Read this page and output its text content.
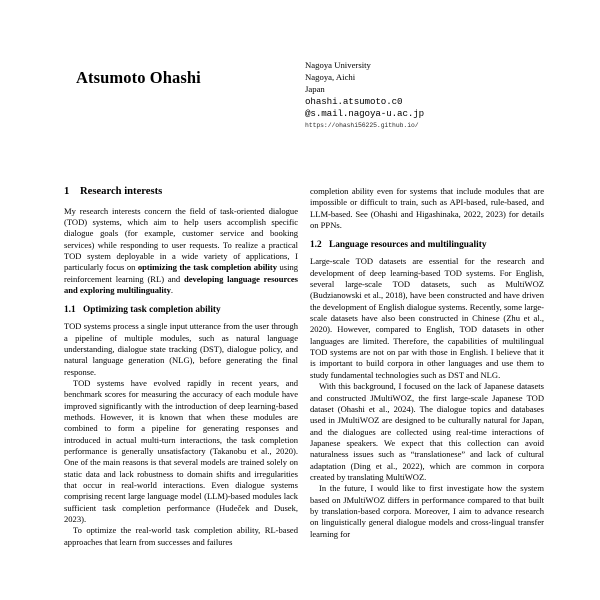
Atsumoto Ohashi
Nagoya University
Nagoya, Aichi
Japan
ohashi.atsumoto.c0
@s.mail.nagoya-u.ac.jp
https://ohashi56225.github.io/
1 Research interests

My research interests concern the field of task-oriented dialogue (TOD) systems, which aim to help users accomplish specific dialogue goals (for example, customer service and booking services) while responding to user requests. To realize a practical TOD system deployable in a wide variety of applications, I particularly focus on optimizing the task completion ability using reinforcement learning (RL) and developing language resources and exploring multilinguality.

1.1 Optimizing task completion ability

TOD systems process a single input utterance from the user through a pipeline of multiple modules, such as natural language understanding, dialogue state tracking (DST), dialogue policy, and natural language generation (NLG), before generating the final response.

TOD systems have evolved rapidly in recent years, and benchmark scores for measuring the accuracy of each module have improved significantly with the introduction of deep learning-based methods. However, it is known that when these modules are combined to form a pipeline for generating responses and introduced in actual multi-turn interactions, the task completion performance is generally unsatisfactory (Takanobu et al., 2020). One of the main reasons is that several models are trained solely on static data and lack robustness to domain shifts and irregularities that occur in real-world interactions. Even dialogue systems comprising recent large language model (LLM)-based modules lack sufficient task completion performance (Hudeček and Dusek, 2023).

To optimize the real-world task completion ability, RL-based approaches that learn from successes and failures

completion ability even for systems that include modules that are impossible or difficult to train, such as API-based, rule-based, and LLM-based. See (Ohashi and Higashinaka, 2022, 2023) for details on PPNs.

1.2 Language resources and multilinguality

Large-scale TOD datasets are essential for the research and development of deep learning-based TOD systems. For English, several large-scale TOD datasets, such as MultiWOZ (Budzianowski et al., 2018), have been constructed and have driven the development of English dialogue systems. Recently, some large-scale datasets have also been constructed in Chinese (Zhu et al., 2020). However, compared to English, TOD datasets in other languages are limited. Therefore, the capabilities of multilingual TOD systems are not on par with those in English. I believe that it is important to build corpora in other languages and use them to study fundamental technologies such as DST and NLG.

With this background, I focused on the lack of Japanese datasets and constructed JMultiWOZ, the first large-scale Japanese TOD dataset (Ohashi et al., 2024). The dialogue topics and databases used in JMultiWOZ are designed to be culturally natural for Japan, and the dialogues are collected using real-time interactions of Japanese speakers. We expect that this collection can avoid naturalness issues such as “translationese” and lack of cultural adaptation (Ding et al., 2022), which are common in corpora created by translating MultiWOZ.

In the future, I would like to first investigate how the system based on JMultiWOZ differs in performance compared to that built by translation-based corpora. Moreover, I aim to advance research on linguistically general dialogue models and cross-lingual transfer learning for
